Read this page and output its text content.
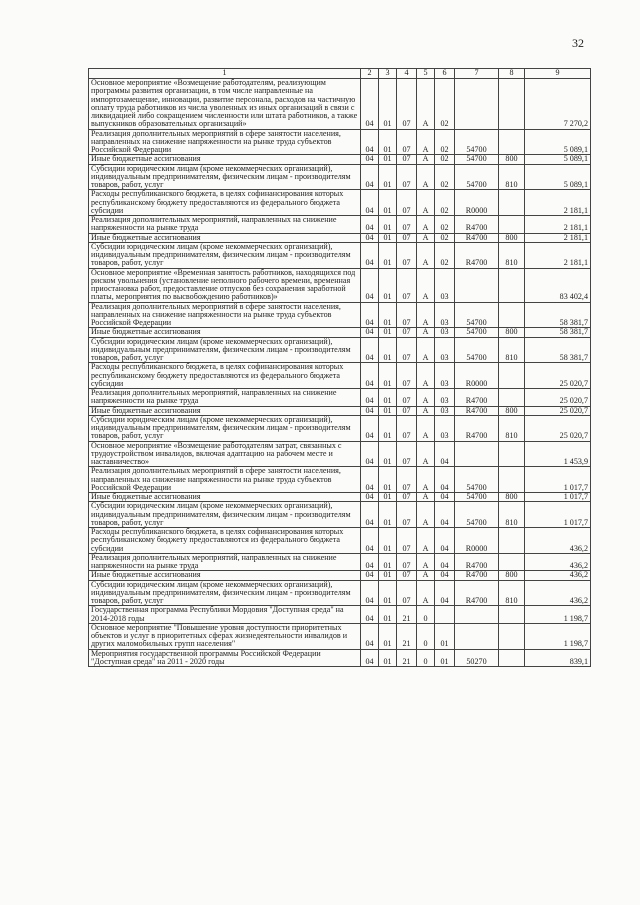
32
1	2	3	4	5	6	7	8	9
Основное мероприятие «Возмещение работодателям, реализующим программы развития организации, в том числе направленные на импортозамещение, инновации, развитие персонала, расходов на частичную оплату труда работников из числа уволенных из иных организаций в связи с ликвидацией либо сокращением численности или штата работников, а также выпускников образовательных организаций»	04	01	07	А	02			7 270,2
Реализация дополнительных мероприятий в сфере занятости населения, направленных на снижение напряженности на рынке труда субъектов Российской Федерации	04	01	07	А	02	54700		5 089,1
Иные бюджетные ассигнования	04	01	07	А	02	54700	800	5 089,1
Субсидии юридическим лицам (кроме некоммерческих организаций), индивидуальным предпринимателям, физическим лицам - производителям товаров, работ, услуг	04	01	07	А	02	54700	810	5 089,1
Расходы республиканского бюджета, в целях софинансирования которых республиканскому бюджету предоставляются из федерального бюджета субсидии	04	01	07	А	02	R0000		2 181,1
Реализация дополнительных мероприятий, направленных на снижение напряженности на рынке труда	04	01	07	А	02	R4700		2 181,1
Иные бюджетные ассигнования	04	01	07	А	02	R4700	800	2 181,1
Субсидии юридическим лицам (кроме некоммерческих организаций), индивидуальным предпринимателям, физическим лицам - производителям товаров, работ, услуг	04	01	07	А	02	R4700	810	2 181,1
Основное мероприятие «Временная занятость работников, находящихся под риском увольнения (установление неполного рабочего времени, временная приостановка работ, предоставление отпусков без сохранения заработной платы, мероприятия по высвобождению работников)»	04	01	07	А	03			83 402,4
Реализация дополнительных мероприятий в сфере занятости населения, направленных на снижение напряженности на рынке труда субъектов Российской Федерации	04	01	07	А	03	54700		58 381,7
Иные бюджетные ассигнования	04	01	07	А	03	54700	800	58 381,7
Субсидии юридическим лицам (кроме некоммерческих организаций), индивидуальным предпринимателям, физическим лицам - производителям товаров, работ, услуг	04	01	07	А	03	54700	810	58 381,7
Расходы республиканского бюджета, в целях софинансирования которых республиканскому бюджету предоставляются из федерального бюджета субсидии	04	01	07	А	03	R0000		25 020,7
Реализация дополнительных мероприятий, направленных на снижение напряженности на рынке труда	04	01	07	А	03	R4700		25 020,7
Иные бюджетные ассигнования	04	01	07	А	03	R4700	800	25 020,7
Субсидии юридическим лицам (кроме некоммерческих организаций), индивидуальным предпринимателям, физическим лицам - производителям товаров, работ, услуг	04	01	07	А	03	R4700	810	25 020,7
Основное мероприятие «Возмещение работодателям затрат, связанных с трудоустройством инвалидов, включая адаптацию на рабочем месте и наставничество»	04	01	07	А	04			1 453,9
Реализация дополнительных мероприятий в сфере занятости населения, направленных на снижение напряженности на рынке труда субъектов Российской Федерации	04	01	07	А	04	54700		1 017,7
Иные бюджетные ассигнования	04	01	07	А	04	54700	800	1 017,7
Субсидии юридическим лицам (кроме некоммерческих организаций), индивидуальным предпринимателям, физическим лицам - производителям товаров, работ, услуг	04	01	07	А	04	54700	810	1 017,7
Расходы республиканского бюджета, в целях софинансирования которых республиканскому бюджету предоставляются из федерального бюджета субсидии	04	01	07	А	04	R0000		436,2
Реализация дополнительных мероприятий, направленных на снижение напряженности на рынке труда	04	01	07	А	04	R4700		436,2
Иные бюджетные ассигнования	04	01	07	А	04	R4700	800	436,2
Субсидии юридическим лицам (кроме некоммерческих организаций), индивидуальным предпринимателям, физическим лицам - производителям товаров, работ, услуг	04	01	07	А	04	R4700	810	436,2
Государственная программа Республики Мордовия "Доступная среда" на 2014-2018 годы	04	01	21	0				1 198,7
Основное мероприятие "Повышение уровня доступности приоритетных объектов и услуг в приоритетных сферах жизнедеятельности инвалидов и других маломобильных групп населения"	04	01	21	0	01			1 198,7
Мероприятия государственной программы Российской Федерации "Доступная среда" на 2011 - 2020 годы	04	01	21	0	01	50270		839,1
